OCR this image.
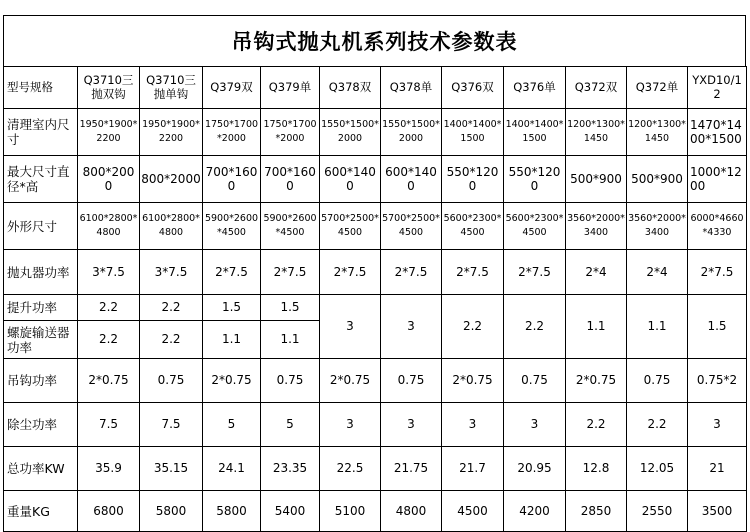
吊钩式抛丸机系列技术参数表
型号规格	Q3710三抛双钩	Q3710三抛单钩	Q379双	Q379单	Q378双	Q378单	Q376双	Q376单	Q372双	Q372单	YXD10/12
清理室内尺寸	1950*1900*2200	1950*1900*2200	1750*1700*2000	1750*1700*2000	1550*1500*2000	1550*1500*2000	1400*1400*1500	1400*1400*1500	1200*1300*1450	1200*1300*1450	1470*1400*1500
最大尺寸直径*高	800*2000	800*2000	700*1600	700*1600	600*1400	600*1400	550*1200	550*1200	500*900	500*900	1000*1200
外形尺寸	6100*2800*4800	6100*2800*4800	5900*2600*4500	5900*2600*4500	5700*2500*4500	5700*2500*4500	5600*2300*4500	5600*2300*4500	3560*2000*3400	3560*2000*3400	6000*4660*4330
抛丸器功率	3*7.5	3*7.5	2*7.5	2*7.5	2*7.5	2*7.5	2*7.5	2*7.5	2*4	2*4	2*7.5
提升功率	2.2	2.2	1.5	1.5	3	3	2.2	2.2	1.1	1.1	1.5
螺旋输送器功率	2.2	2.2	1.1	1.1							
吊钩功率	2*0.75	0.75	2*0.75	0.75	2*0.75	0.75	2*0.75	0.75	2*0.75	0.75	0.75*2
除尘功率	7.5	7.5	5	5	3	3	3	3	2.2	2.2	3
总功率KW	35.9	35.15	24.1	23.35	22.5	21.75	21.7	20.95	12.8	12.05	21
重量KG	6800	5800	5800	5400	5100	4800	4500	4200	2850	2550	3500
